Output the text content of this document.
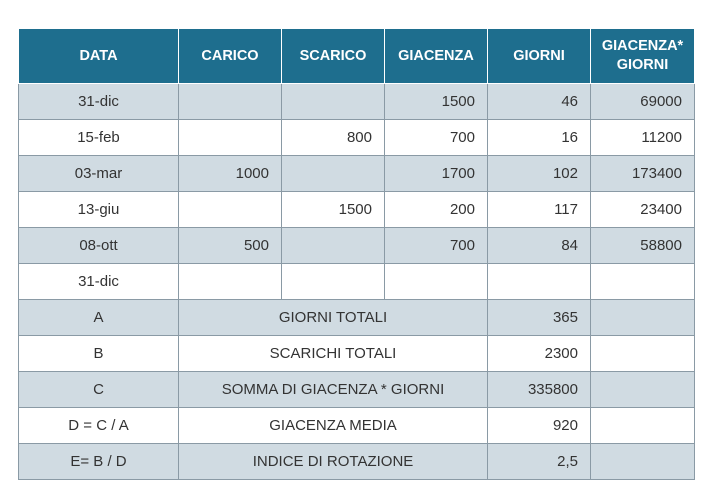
DATA	CARICO	SCARICO	GIACENZA	GIORNI	GIACENZA*
GIORNI
31-dic			1500	46	69000
15-feb		800	700	16	11200
03-mar	1000		1700	102	173400
13-giu		1500	200	117	23400
08-ott	500		700	84	58800
31-dic					
A	GIORNI TOTALI			365	
B	SCARICHI TOTALI			2300	
C	SOMMA DI GIACENZA * GIORNI			335800	
D = C / A	GIACENZA MEDIA			920	
E= B / D	INDICE DI ROTAZIONE			2,5	
